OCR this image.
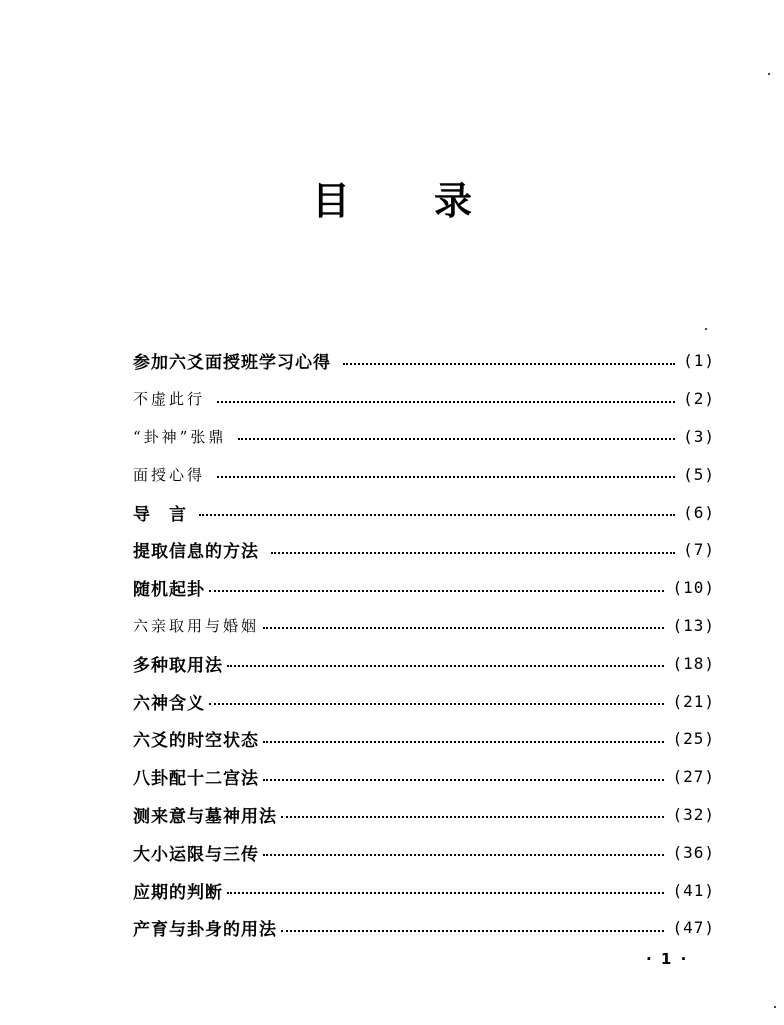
目 录
参加六爻面授班学习心得	(1)
不虚此行	(2)
“卦神”张鼎	(3)
面授心得	(5)
导　言	(6)
提取信息的方法	(7)
随机起卦	(10)
六亲取用与婚姻	(13)
多种取用法	(18)
六神含义	(21)
六爻的时空状态	(25)
八卦配十二宫法	(27)
测来意与墓神用法	(32)
大小运限与三传	(36)
应期的判断	(41)
产育与卦身的用法	(47)
· 1 ·
